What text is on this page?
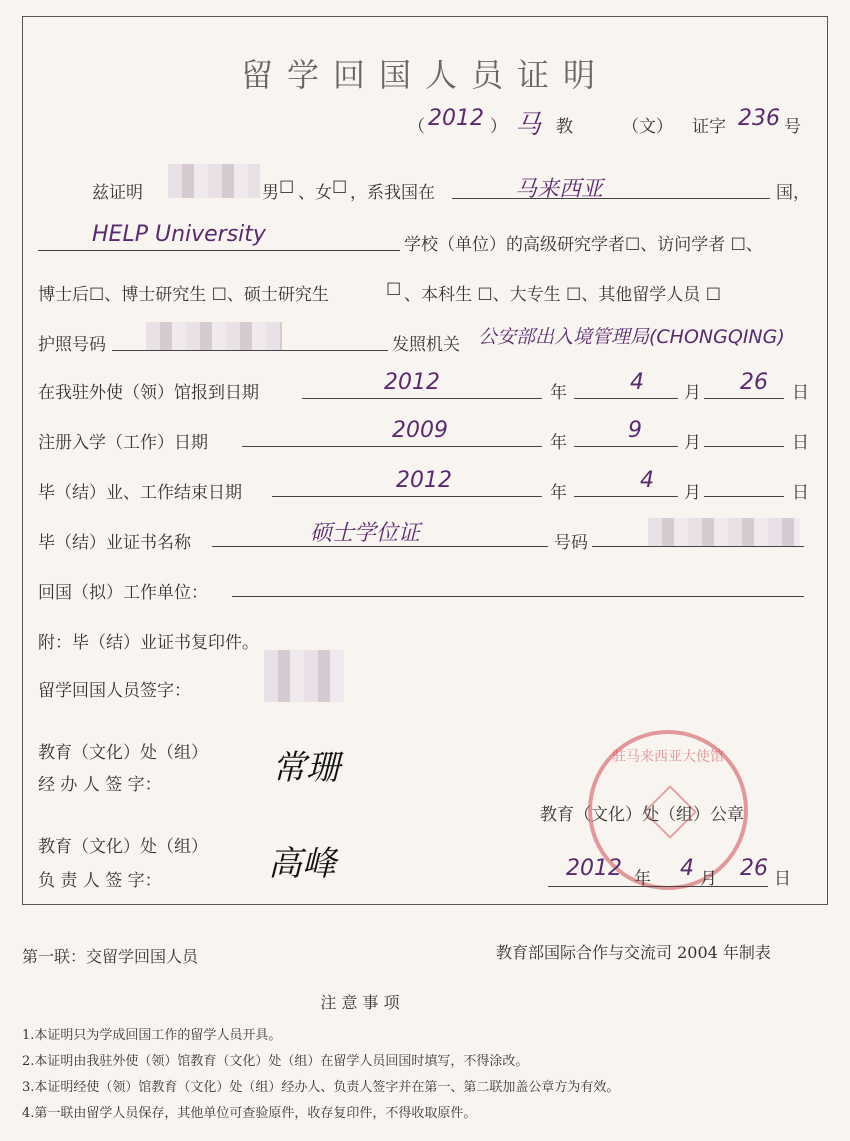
留学回国人员证明
（ 2012 ） 马 教	（文） 证字 236 号
兹证明	男 ☐ 、女 ☐ ，系我国在	马来西亚	国，
HELP University	学校（单位）的高级研究学者☐、访问学者 ☐、
博士后☐、博士研究生 ☐、硕士研究生	☐ 、本科生 ☐、大专生 ☐、其他留学人员 ☐
护照号码	发照机关 公安部出入境管理局(CHONGQING)
在我驻外使（领）馆报到日期	2012	年	4 月 26 日
注册入学（工作）日期	2009	年	9 月	日
毕（结）业、工作结束日期	2012	年	4 月	日
毕（结）业证书名称	硕士学位证	号码
回国（拟）工作单位：
附：毕（结）业证书复印件。
留学回国人员签字：
教育（文化）处（组）
经 办 人 签 字：	常珊
教育（文化）处（组）
负 责 人 签 字：	高峰
驻马来西亚大使馆
教育（文化）处（组）公章
2012 年 4 月 26 日
第一联：交留学回国人员	教育部国际合作与交流司 2004 年制表
注 意 事 项
1.本证明只为学成回国工作的留学人员开具。
2.本证明由我驻外使（领）馆教育（文化）处（组）在留学人员回国时填写，不得涂改。
3.本证明经使（领）馆教育（文化）处（组）经办人、负责人签字并在第一、第二联加盖公章方为有效。
4.第一联由留学人员保存，其他单位可查验原件，收存复印件，不得收取原件。
